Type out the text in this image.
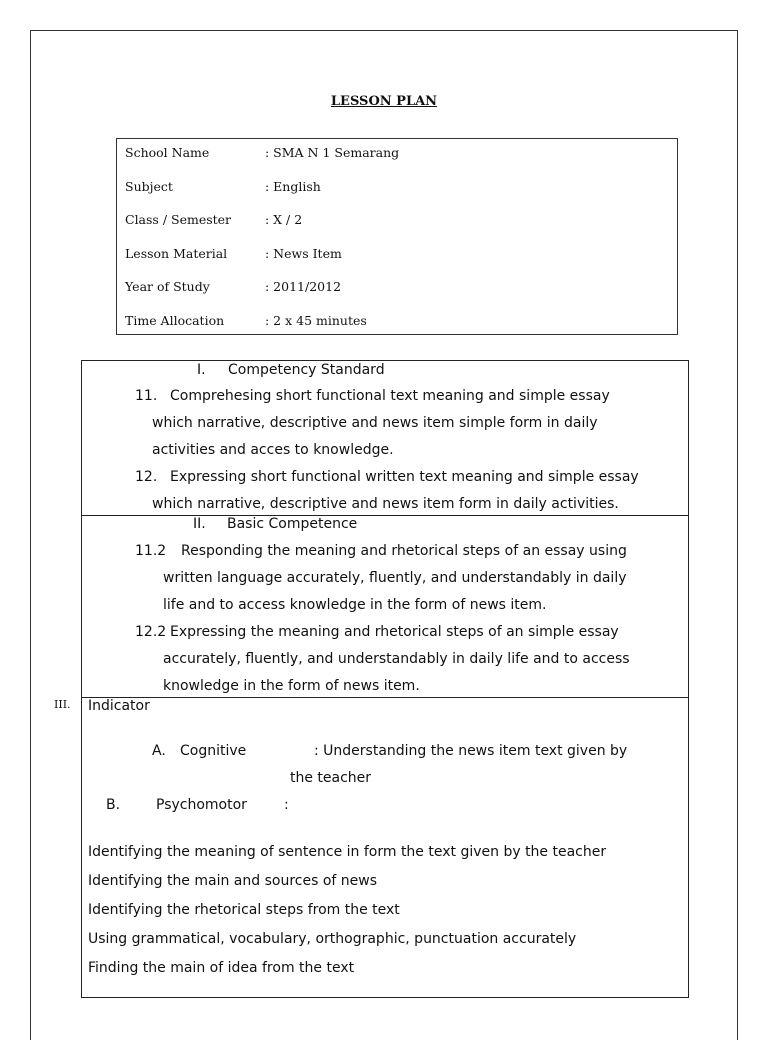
LESSON PLAN
School Name	: SMA N 1 Semarang
Subject	: English
Class / Semester	: X / 2
Lesson Material	: News Item
Year of Study	: 2011/2012
Time Allocation	: 2 x 45 minutes
I. Competency Standard
11. Comprehesing short functional text meaning and simple essay
which narrative, descriptive and news item simple form in daily
activities and acces to knowledge.
12. Expressing short functional written text meaning and simple essay
which narrative, descriptive and news item form in daily activities.
II. Basic Competence
11.2 Responding the meaning and rhetorical steps of an essay using
written language accurately, fluently, and understandably in daily
life and to access knowledge in the form of news item.
12.2 Expressing the meaning and rhetorical steps of an simple essay
accurately, fluently, and understandably in daily life and to access
knowledge in the form of news item.
III. Indicator
A. Cognitive	: Understanding the news item text given by
the teacher
B.	Psychomotor	:
Identifying the meaning of sentence in form the text given by the teacher
Identifying the main and sources of news
Identifying the rhetorical steps from the text
Using grammatical, vocabulary, orthographic, punctuation accurately
Finding the main of idea from the text
